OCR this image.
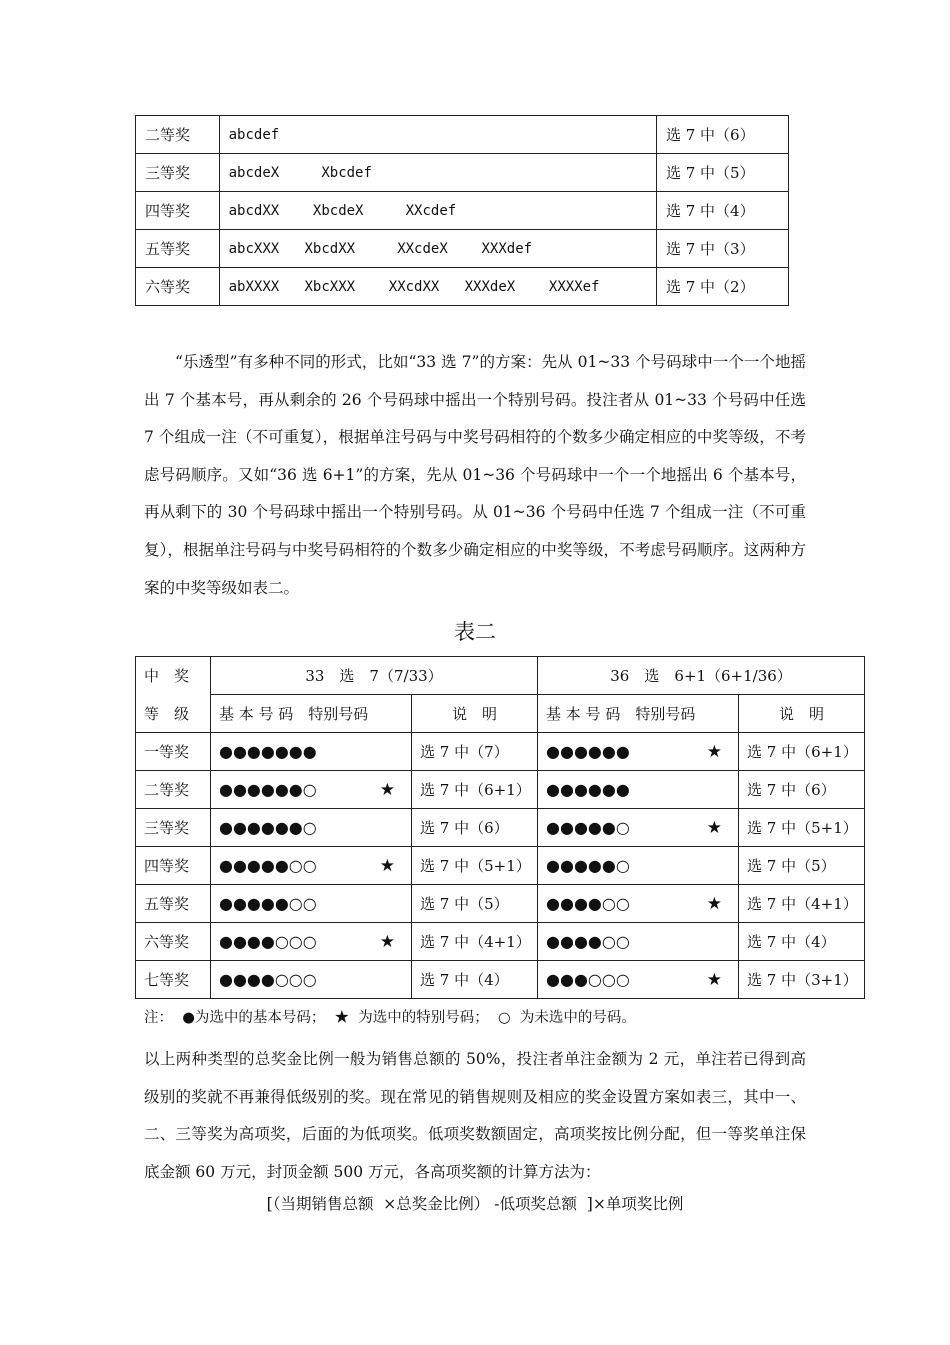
二等奖	abcdef	选 7 中（6）
三等奖	abcdeX     Xbcdef	选 7 中（5）
四等奖	abcdXX    XbcdeX     XXcdef	选 7 中（4）
五等奖	abcXXX   XbcdXX     XXcdeX    XXXdef	选 7 中（3）
六等奖	abXXXX   XbcXXX    XXcdXX   XXXdeX    XXXXef	选 7 中（2）
“乐透型”有多种不同的形式，比如“33 选 7”的方案：先从 01~33 个号码球中一个一个地摇出 7 个基本号，再从剩余的 26 个号码球中摇出一个特别号码。投注者从 01~33 个号码中任选 7 个组成一注（不可重复），根据单注号码与中奖号码相符的个数多少确定相应的中奖等级，不考虑号码顺序。又如“36 选 6+1”的方案，先从 01~36 个号码球中一个一个地摇出 6 个基本号，再从剩下的 30 个号码球中摇出一个特别号码。从 01~36 个号码中任选 7 个组成一注（不可重复），根据单注号码与中奖号码相符的个数多少确定相应的中奖等级，不考虑号码顺序。这两种方案的中奖等级如表二。
表二
中　奖	33　选　7（7/33）		36　选　6+1（6+1/36）	
等　级	基 本 号 码　特别号码	说　明	基 本 号 码　特别号码	说　明
一等奖	●●●●●●●	选 7 中（7）	●●●●●● ★	选 7 中（6+1）
二等奖	●●●●●●○ ★	选 7 中（6+1）	●●●●●●	选 7 中（6）
三等奖	●●●●●●○	选 7 中（6）	●●●●●○ ★	选 7 中（5+1）
四等奖	●●●●●○○ ★	选 7 中（5+1）	●●●●●○	选 7 中（5）
五等奖	●●●●●○○	选 7 中（5）	●●●●○○ ★	选 7 中（4+1）
六等奖	●●●●○○○ ★	选 7 中（4+1）	●●●●○○	选 7 中（4）
七等奖	●●●●○○○	选 7 中（4）	●●●○○○ ★	选 7 中（3+1）
注：  ●为选中的基本号码；  ★  为选中的特别号码；  ○  为未选中的号码。
以上两种类型的总奖金比例一般为销售总额的 50%，投注者单注金额为 2 元，单注若已得到高级别的奖就不再兼得低级别的奖。现在常见的销售规则及相应的奖金设置方案如表三，其中一、二、三等奖为高项奖，后面的为低项奖。低项奖数额固定，高项奖按比例分配，但一等奖单注保底金额 60 万元，封顶金额 500 万元，各高项奖额的计算方法为：
[（当期销售总额  ×总奖金比例） -低项奖总额  ]×单项奖比例
